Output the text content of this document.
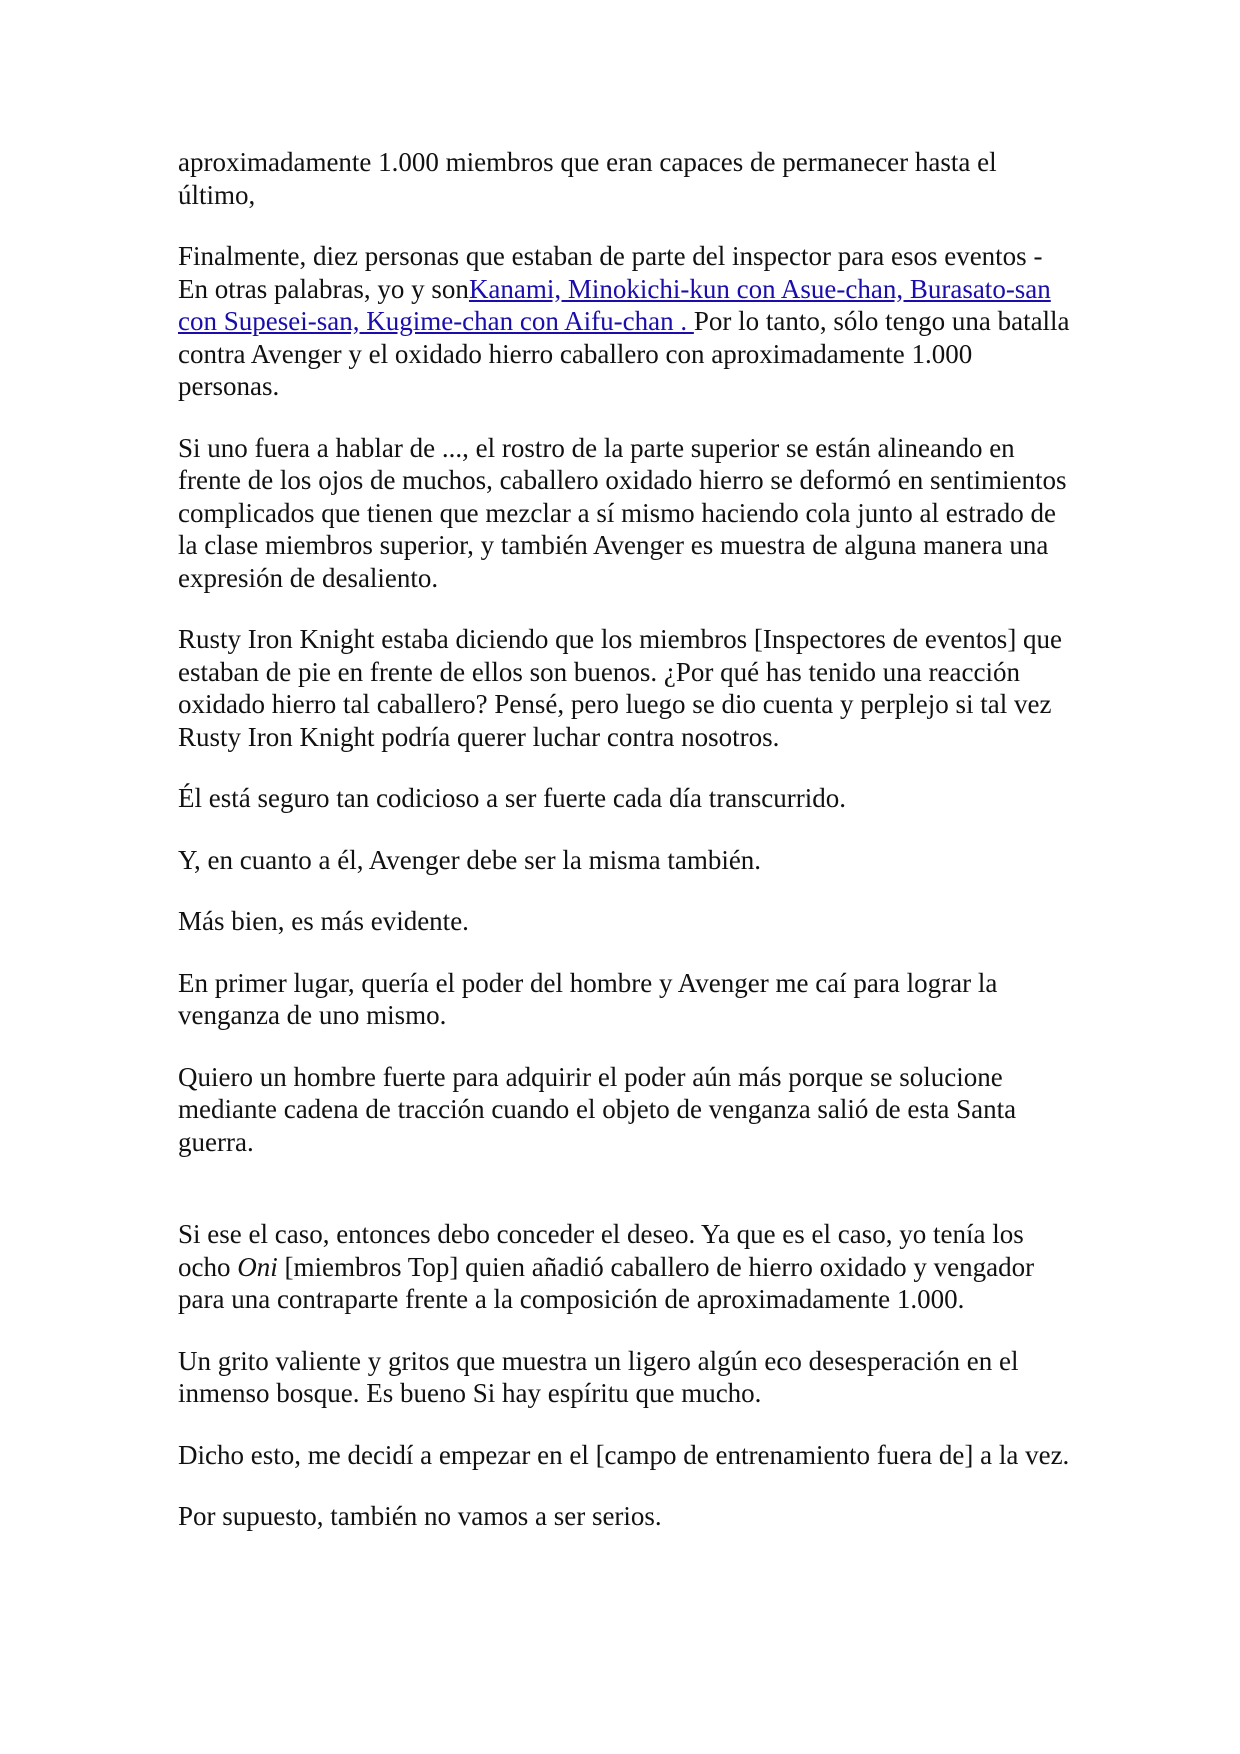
aproximadamente 1.000 miembros que eran capaces de permanecer hasta el último,

Finalmente, diez personas que estaban de parte del inspector para esos eventos - En otras palabras, yo y sonKanami, Minokichi-kun con Asue-chan, Burasato-san con Supesei-san, Kugime-chan con Aifu-chan . Por lo tanto, sólo tengo una batalla contra Avenger y el oxidado hierro caballero con aproximadamente 1.000 personas.

Si uno fuera a hablar de ..., el rostro de la parte superior se están alineando en frente de los ojos de muchos, caballero oxidado hierro se deformó en sentimientos complicados que tienen que mezclar a sí mismo haciendo cola junto al estrado de la clase miembros superior, y también Avenger es muestra de alguna manera una expresión de desaliento.

Rusty Iron Knight estaba diciendo que los miembros [Inspectores de eventos] que estaban de pie en frente de ellos son buenos. ¿Por qué has tenido una reacción oxidado hierro tal caballero? Pensé, pero luego se dio cuenta y perplejo si tal vez Rusty Iron Knight podría querer luchar contra nosotros.

Él está seguro tan codicioso a ser fuerte cada día transcurrido.

Y, en cuanto a él, Avenger debe ser la misma también.

Más bien, es más evidente.

En primer lugar, quería el poder del hombre y Avenger me caí para lograr la venganza de uno mismo.

Quiero un hombre fuerte para adquirir el poder aún más porque se solucione mediante cadena de tracción cuando el objeto de venganza salió de esta Santa guerra.

Si ese el caso, entonces debo conceder el deseo. Ya que es el caso, yo tenía los ocho Oni [miembros Top] quien añadió caballero de hierro oxidado y vengador para una contraparte frente a la composición de aproximadamente 1.000.

Un grito valiente y gritos que muestra un ligero algún eco desesperación en el inmenso bosque. Es bueno Si hay espíritu que mucho.

Dicho esto, me decidí a empezar en el [campo de entrenamiento fuera de] a la vez.

Por supuesto, también no vamos a ser serios.
